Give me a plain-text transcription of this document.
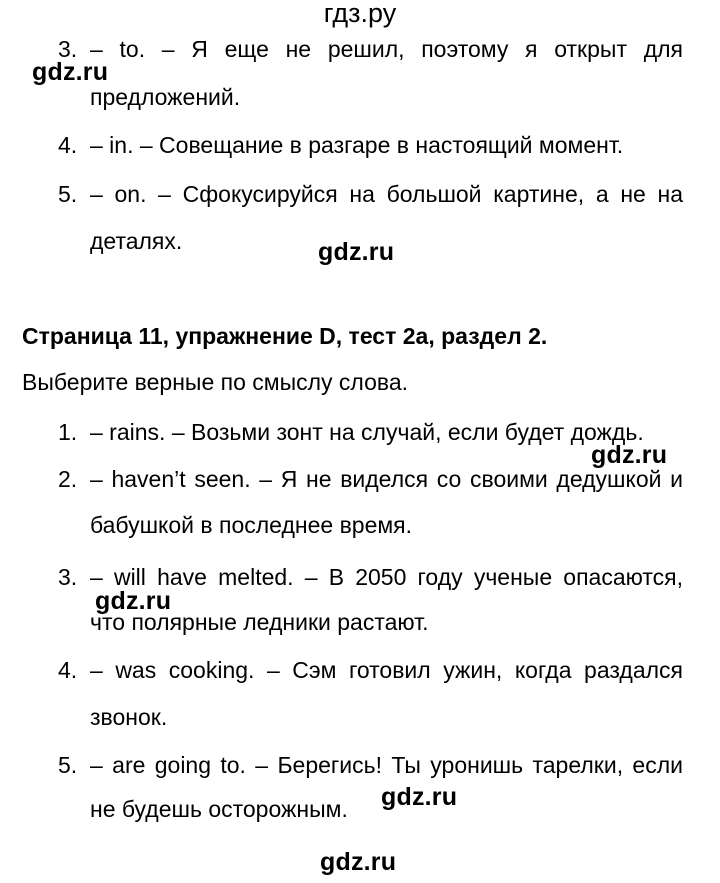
гдз.ру
3. – to. – Я еще не решил, поэтому я открыт для
предложений.
4. – in. – Совещание в разгаре в настоящий момент.
5. – on. – Сфокусируйся на большой картине, а не на
деталях.
Страница 11, упражнение D, тест 2a, раздел 2.
Выберите верные по смыслу слова.
1. – rains. – Возьми зонт на случай, если будет дождь.
2. – haven’t seen. – Я не виделся со своими дедушкой и
бабушкой в последнее время.
3. – will have melted. – В 2050 году ученые опасаются,
что полярные ледники растают.
4. – was cooking. – Сэм готовил ужин, когда раздался
звонок.
5. – are going to. – Берегись! Ты уронишь тарелки, если
не будешь осторожным.
gdz.ru
gdz.ru
gdz.ru
gdz.ru
gdz.ru
gdz.ru
